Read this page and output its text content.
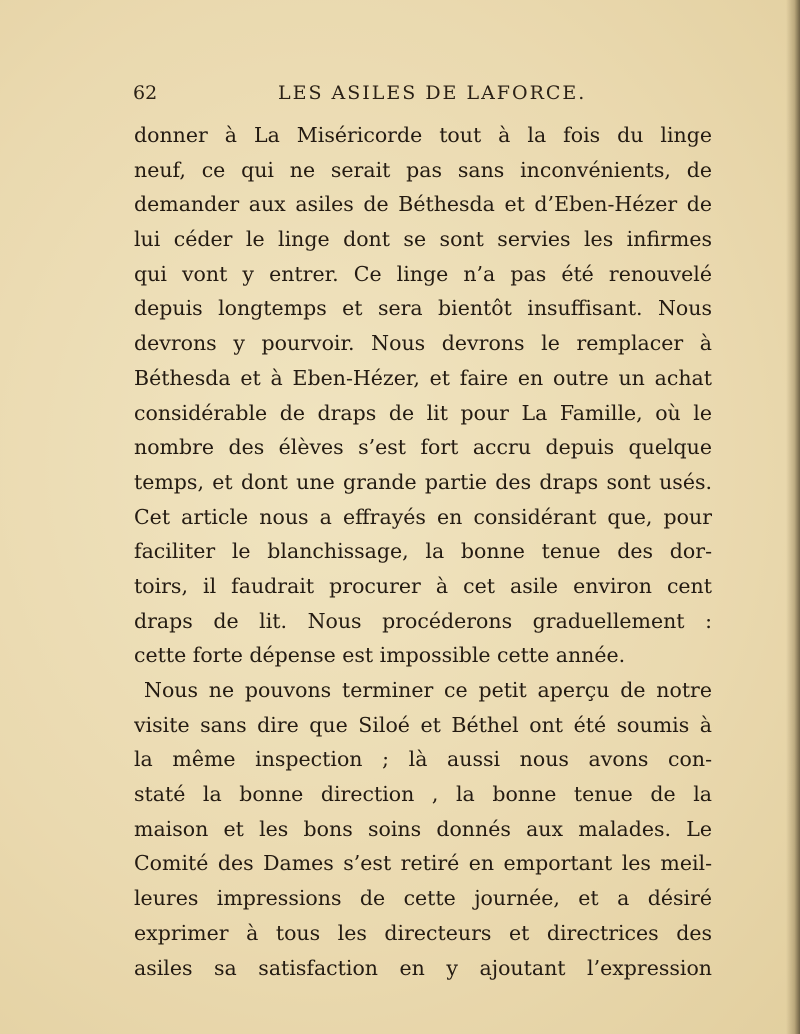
62	LES ASILES DE LAFORCE.
donner à La Miséricorde tout à la fois du linge
neuf, ce qui ne serait pas sans inconvénients, de
demander aux asiles de Béthesda et d’Eben-Hézer de
lui céder le linge dont se sont servies les infirmes
qui vont y entrer. Ce linge n’a pas été renouvelé
depuis longtemps et sera bientôt insuffisant. Nous
devrons y pourvoir. Nous devrons le remplacer à
Béthesda et à Eben-Hézer, et faire en outre un achat
considérable de draps de lit pour La Famille, où le
nombre des élèves s’est fort accru depuis quelque
temps, et dont une grande partie des draps sont usés.
Cet article nous a effrayés en considérant que, pour
faciliter le blanchissage, la bonne tenue des dor-
toirs, il faudrait procurer à cet asile environ cent
draps de lit. Nous procéderons graduellement :
cette forte dépense est impossible cette année.
Nous ne pouvons terminer ce petit aperçu de notre
visite sans dire que Siloé et Béthel ont été soumis à
la même inspection ; là aussi nous avons con-
staté la bonne direction , la bonne tenue de la
maison et les bons soins donnés aux malades. Le
Comité des Dames s’est retiré en emportant les meil-
leures impressions de cette journée, et a désiré
exprimer à tous les directeurs et directrices des
asiles sa satisfaction en y ajoutant l’expression
